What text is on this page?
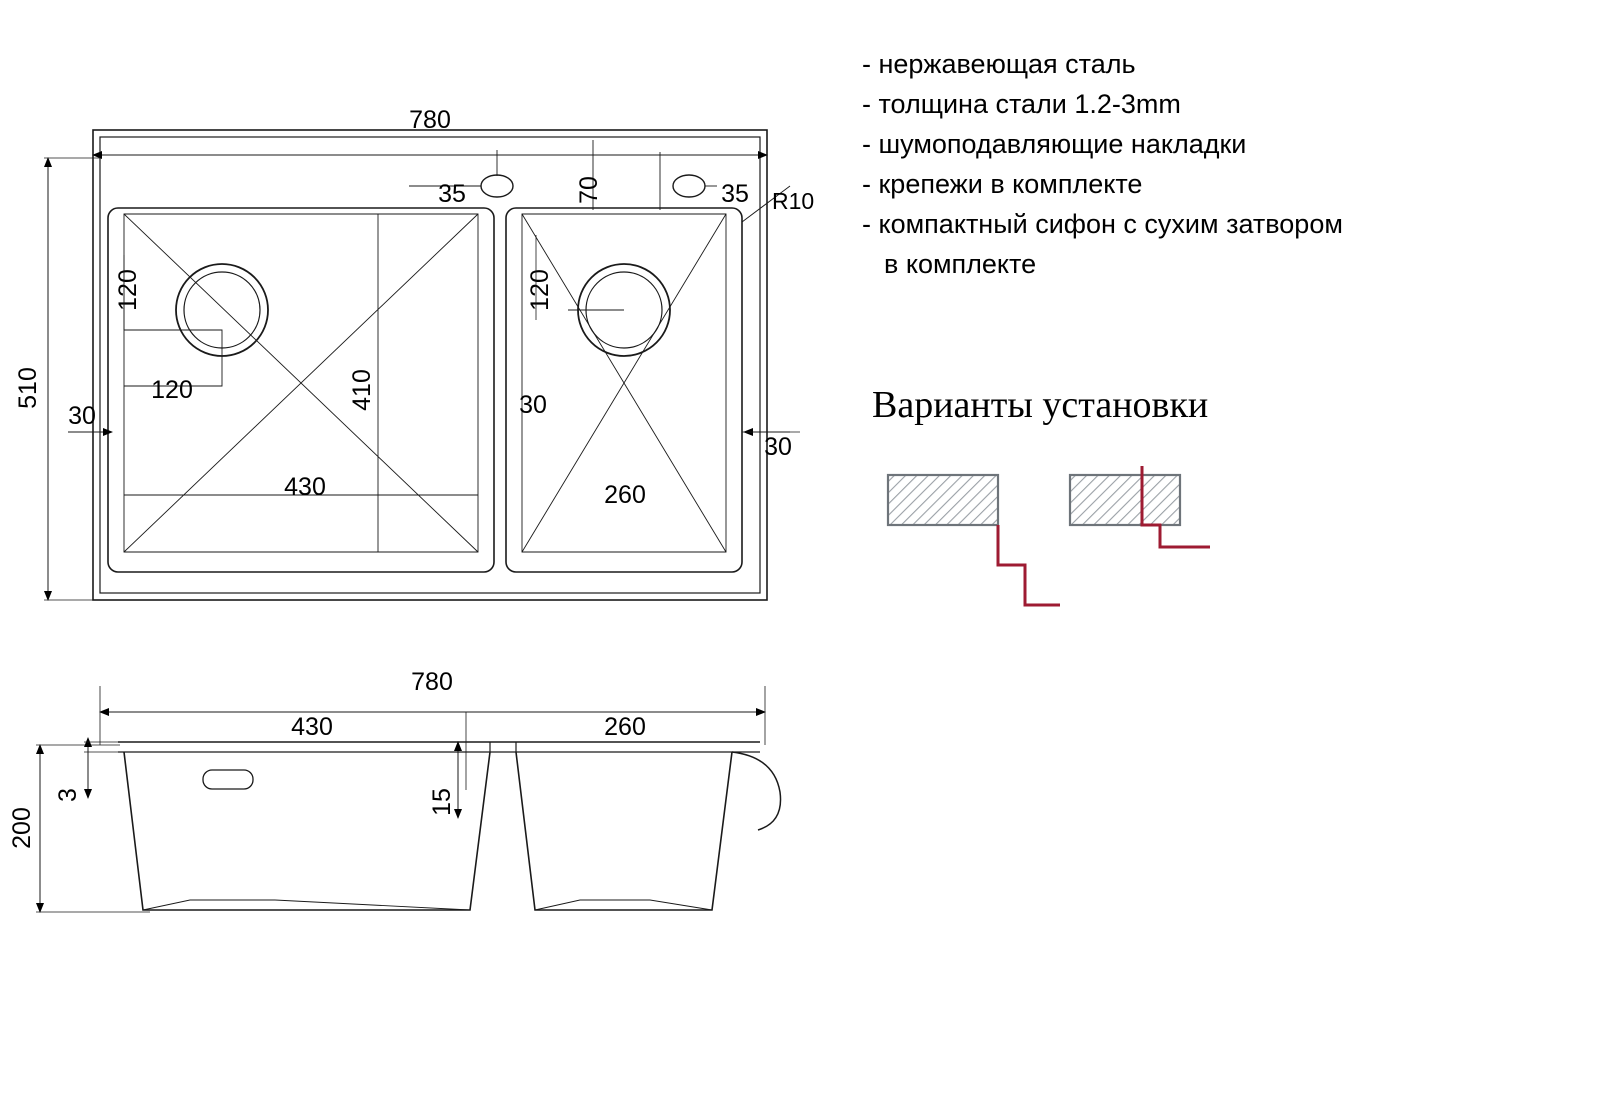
R10
780
510
30
30
30
120
120
120
410
430	260
35	35
70
780
430	260
200
3	15
- нержавеющая сталь
- толщина стали 1.2-3mm
- шумоподавляющие накладки
- крепежи в комплекте
- компактный сифон с сухим затвором
в комплекте
Варианты установки
